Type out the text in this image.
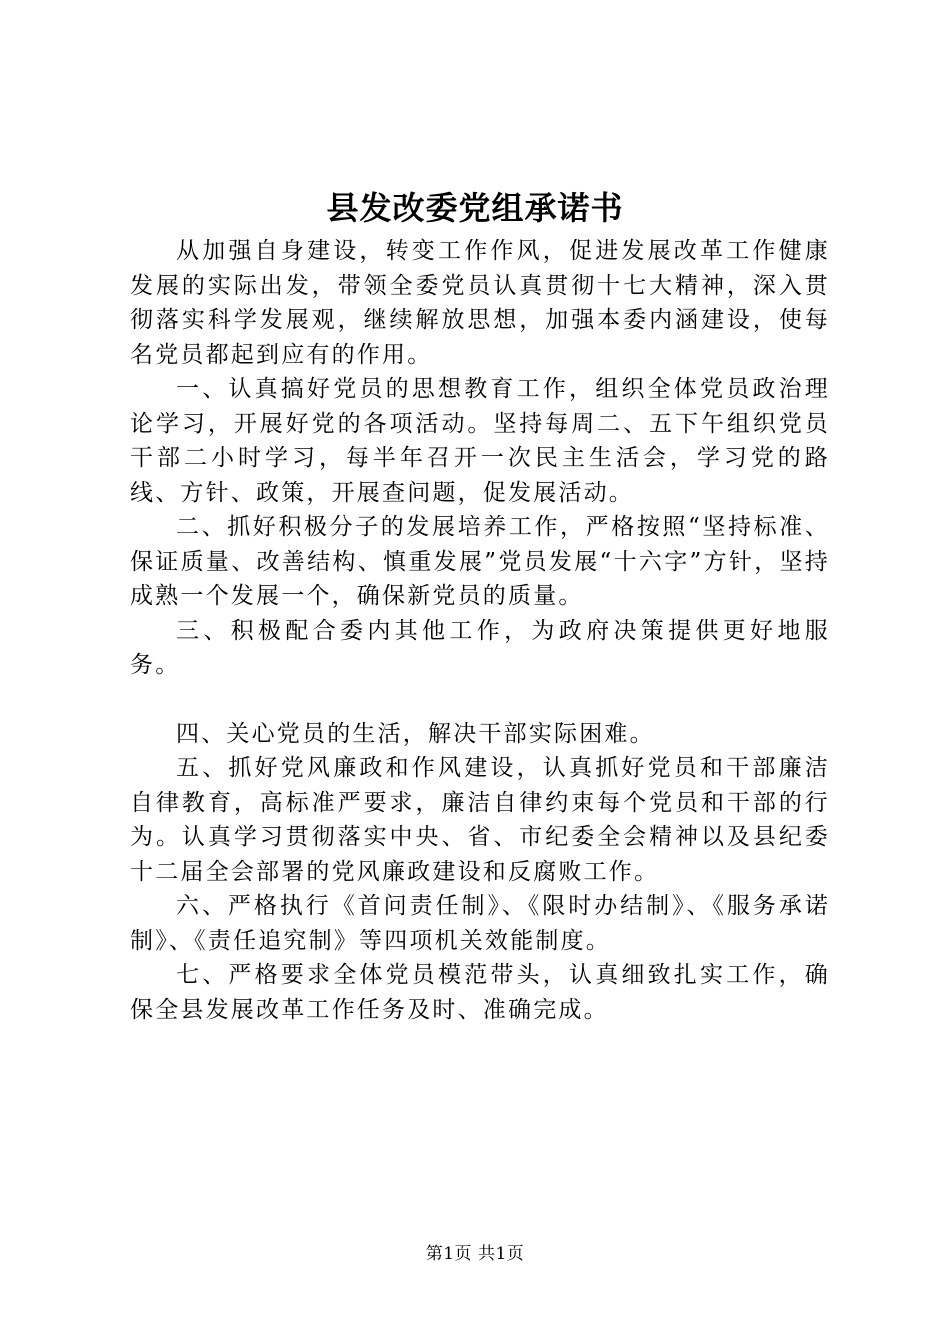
县发改委党组承诺书

从加强自身建设，转变工作作风，促进发展改革工作健康发展的实际出发，带领全委党员认真贯彻十七大精神，深入贯彻落实科学发展观，继续解放思想，加强本委内涵建设，使每名党员都起到应有的作用。

一、认真搞好党员的思想教育工作，组织全体党员政治理论学习，开展好党的各项活动。坚持每周二、五下午组织党员干部二小时学习，每半年召开一次民主生活会，学习党的路线、方针、政策，开展查问题，促发展活动。

二、抓好积极分子的发展培养工作，严格按照“坚持标准、保证质量、改善结构、慎重发展”党员发展“十六字”方针，坚持成熟一个发展一个，确保新党员的质量。

三、积极配合委内其他工作，为政府决策提供更好地服务。

四、关心党员的生活，解决干部实际困难。

五、抓好党风廉政和作风建设，认真抓好党员和干部廉洁自律教育，高标准严要求，廉洁自律约束每个党员和干部的行为。认真学习贯彻落实中央、省、市纪委全会精神以及县纪委十二届全会部署的党风廉政建设和反腐败工作。

六、严格执行《首问责任制》、《限时办结制》、《服务承诺制》、《责任追究制》等四项机关效能制度。

七、严格要求全体党员模范带头，认真细致扎实工作，确保全县发展改革工作任务及时、准确完成。

第1页 共1页
